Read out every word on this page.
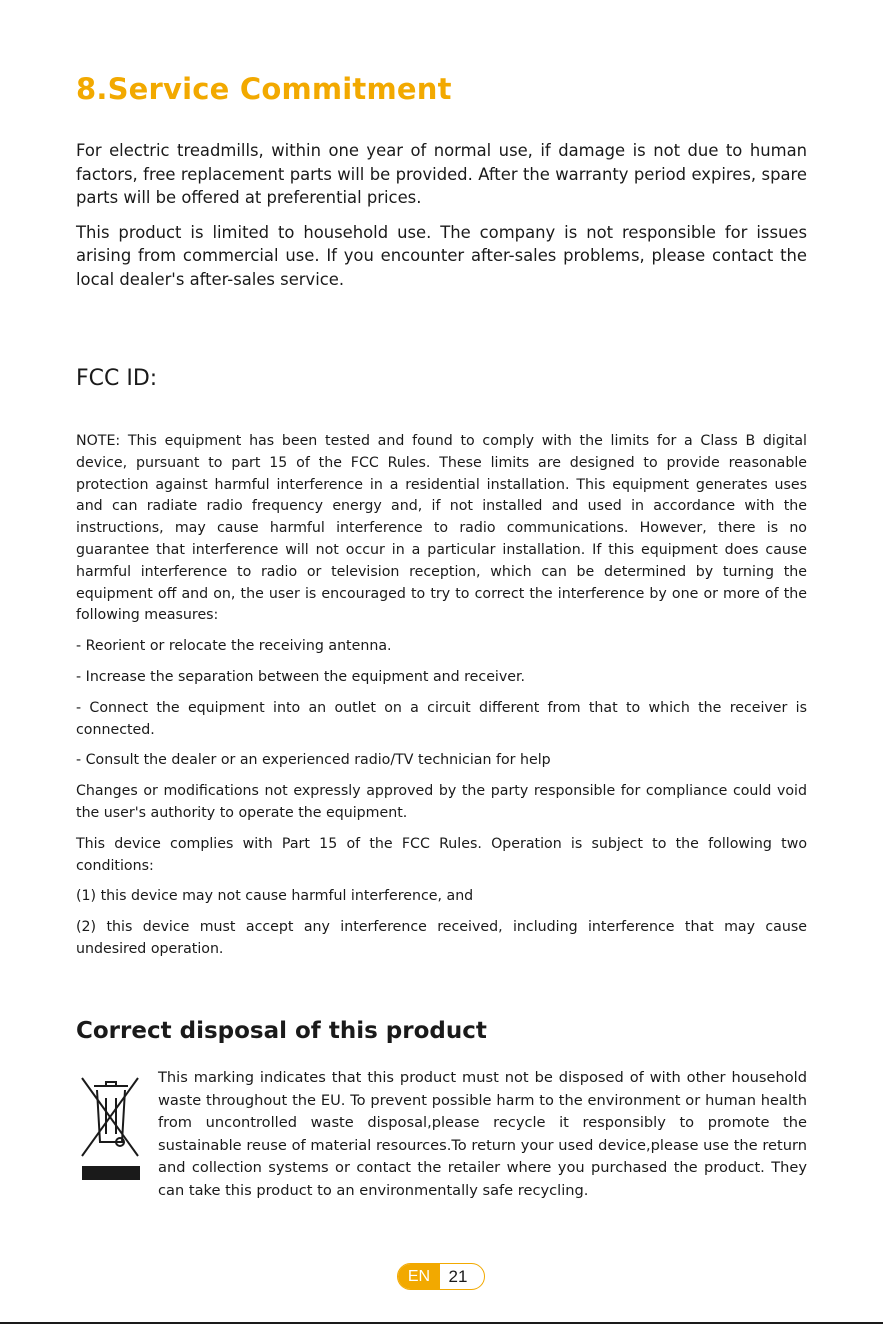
8.Service Commitment

For electric treadmills, within one year of normal use, if damage is not due to human factors, free replacement parts will be provided. After the warranty period expires, spare parts will be offered at preferential prices.

This product is limited to household use. The company is not responsible for issues arising from commercial use. If you encounter after-sales problems, please contact the local dealer's after-sales service.

FCC ID:

NOTE: This equipment has been tested and found to comply with the limits for a Class B digital device, pursuant to part 15 of the FCC Rules. These limits are designed to provide reasonable protection against harmful interference in a residential installation. This equipment generates uses and can radiate radio frequency energy and, if not installed and used in accordance with the instructions, may cause harmful interference to radio communications. However, there is no guarantee that interference will not occur in a particular installation. If this equipment does cause harmful interference to radio or television reception, which can be determined by turning the equipment off and on, the user is encouraged to try to correct the interference by one or more of the following measures:

- Reorient or relocate the receiving antenna.

- Increase the separation between the equipment and receiver.

- Connect the equipment into an outlet on a circuit different from that to which the receiver is connected.

- Consult the dealer or an experienced radio/TV technician for help

Changes or modifications not expressly approved by the party responsible for compliance could void the user's authority to operate the equipment.

This device complies with Part 15 of the FCC Rules. Operation is subject to the following two conditions:

(1) this device may not cause harmful interference, and

(2) this device must accept any interference received, including interference that may cause undesired operation.

Correct disposal of this product

This marking indicates that this product must not be disposed of with other household waste throughout the EU. To prevent possible harm to the environment or human health from uncontrolled waste disposal,please recycle it responsibly to promote the sustainable reuse of material resources.To return your used device,please use the return and collection systems or contact the retailer where you purchased the product. They can take this product to an environmentally safe recycling.

EN	21
